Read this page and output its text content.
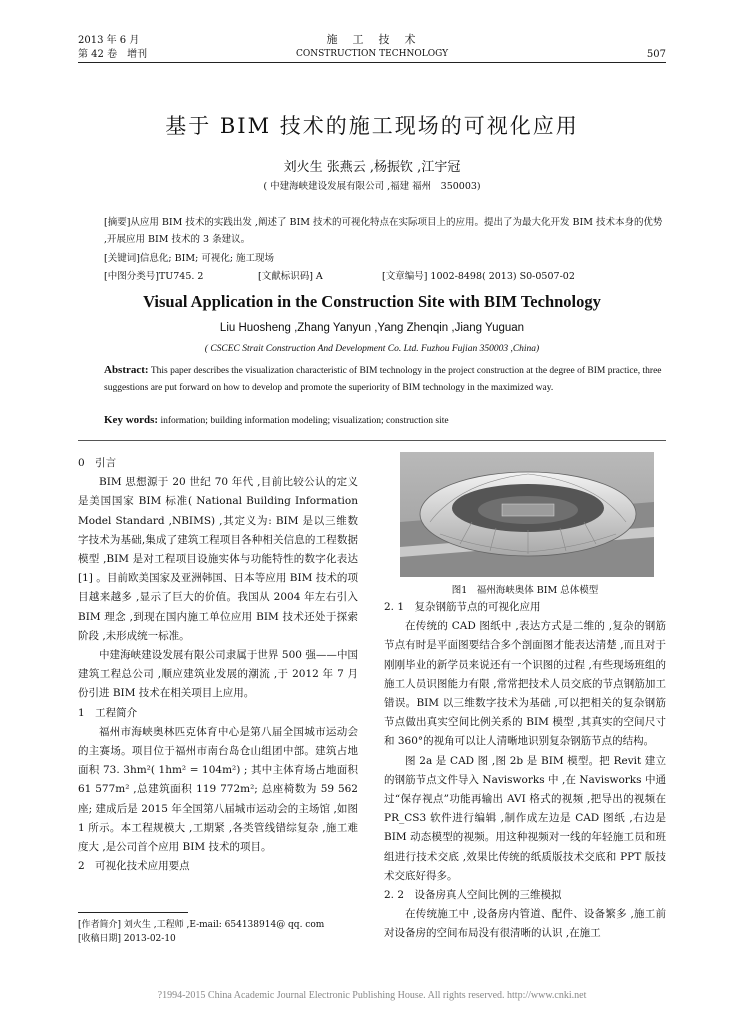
2013 年 6 月
第 42 卷　增刊
施　工　技　术
CONSTRUCTION TECHNOLOGY	507
基于 BIM 技术的施工现场的可视化应用
刘火生 张燕云 ,杨振钦 ,江宇冠
( 中建海峡建设发展有限公司 ,福建 福州　350003)
[摘要]从应用 BIM 技术的实践出发 ,阐述了 BIM 技术的可视化特点在实际项目上的应用。提出了为最大化开发 BIM 技术本身的优势 ,开展应用 BIM 技术的 3 条建议。
[关键词]信息化; BIM; 可视化; 施工现场
[中图分类号]TU745. 2	[文献标识码] A	[文章编号] 1002-8498( 2013) S0-0507-02
Visual Application in the Construction Site with BIM Technology
Liu Huosheng ,Zhang Yanyun ,Yang Zhenqin ,Jiang Yuguan
( CSCEC Strait Construction And Development Co. Ltd. Fuzhou Fujian 350003 ,China)
Abstract: This paper describes the visualization characteristic of BIM technology in the project construction at the degree of BIM practice, three suggestions are put forward on how to develop and promote the superiority of BIM technology in the maximized way.
Key words: information; building information modeling; visualization; construction site
0　引言

BIM 思想源于 20 世纪 70 年代 ,目前比较公认的定义是美国国家 BIM 标准( National Building Information Model Standard ,NBIMS) ,其定义为: BIM 是以三维数字技术为基础,集成了建筑工程项目各种相关信息的工程数据模型 ,BIM 是对工程项目设施实体与功能特性的数字化表达[1] 。目前欧美国家及亚洲韩国、日本等应用 BIM 技术的项目越来越多 ,显示了巨大的价值。我国从 2004 年左右引入 BIM 理念 ,到现在国内施工单位应用 BIM 技术还处于探索阶段 ,未形成统一标准。

中建海峡建设发展有限公司隶属于世界 500 强——中国建筑工程总公司 ,顺应建筑业发展的潮流 ,于 2012 年 7 月份引进 BIM 技术在相关项目上应用。

1　工程简介

福州市海峡奥林匹克体育中心是第八届全国城市运动会的主赛场。项目位于福州市南台岛仓山组团中部。建筑占地面积 73. 3hm²( 1hm² = 104m²) ; 其中主体育场占地面积 61 577m² ,总建筑面积 119 772m²; 总座椅数为 59 562 座; 建成后是 2015 年全国第八届城市运动会的主场馆 ,如图 1 所示。本工程规模大 ,工期紧 ,各类管线错综复杂 ,施工难度大 ,是公司首个应用 BIM 技术的项目。

2　可视化技术应用要点
图1　福州海峡奥体 BIM 总体模型
2. 1　复杂钢筋节点的可视化应用

在传统的 CAD 图纸中 ,表达方式是二维的 ,复杂的钢筋节点有时是平面图要结合多个剖面图才能表达清楚 ,而且对于刚刚毕业的新学员来说还有一个识图的过程 ,有些现场班组的施工人员识图能力有限 ,常常把技术人员交底的节点钢筋加工错误。BIM 以三维数字技术为基础 ,可以把相关的复杂钢筋节点做出真实空间比例关系的 BIM 模型 ,其真实的空间尺寸和 360°的视角可以让人清晰地识别复杂钢筋节点的结构。

图 2a 是 CAD 图 ,图 2b 是 BIM 模型。把 Revit 建立的钢筋节点文件导入 Navisworks 中 ,在 Navisworks 中通过“保存视点”功能再输出 AVI 格式的视频 ,把导出的视频在 PR_CS3 软件进行编辑 ,制作成左边是 CAD 图纸 ,右边是 BIM 动态模型的视频。用这种视频对一线的年轻施工员和班组进行技术交底 ,效果比传统的纸质版技术交底和 PPT 版技术交底好得多。

2. 2　设备房真人空间比例的三维模拟

在传统施工中 ,设备房内管道、配件、设备繁多 ,施工前对设备房的空间布局没有很清晰的认识 ,在施工

[作者简介] 刘火生 ,工程师 ,E-mail: 654138914@ qq. com
[收稿日期] 2013-02-10
?1994-2015 China Academic Journal Electronic Publishing House. All rights reserved. http://www.cnki.net
